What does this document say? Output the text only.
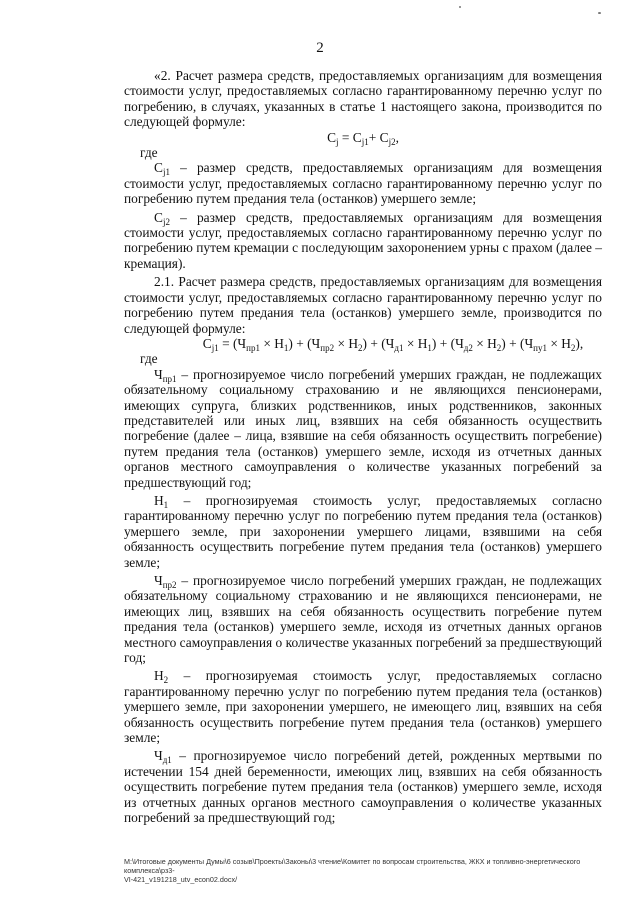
2

«2. Расчет размера средств, предоставляемых организациям для возмещения стоимости услуг, предоставляемых согласно гарантированному перечню услуг по погребению, в случаях, указанных в статье 1 настоящего закона, производится по следующей формуле:

$C_j = C_{j1}+ C_{j2}$,

где

$C_{j1}$ – размер средств, предоставляемых организациям для возмещения стоимости услуг, предоставляемых согласно гарантированному перечню услуг по погребению путем предания тела (останков) умершего земле;

$C_{j2}$ – размер средств, предоставляемых организациям для возмещения стоимости услуг, предоставляемых согласно гарантированному перечню услуг по погребению путем кремации с последующим захоронением урны с прахом (далее – кремация).

2.1. Расчет размера средств, предоставляемых организациям для возмещения стоимости услуг, предоставляемых согласно гарантированному перечню услуг по погребению путем предания тела (останков) умершего земле, производится по следующей формуле:

$C_{j1} = (Ч_{пр1} \times Н_1) + (Ч_{пр2} \times Н_2) + (Ч_{д1} \times Н_1) + (Ч_{д2} \times Н_2) + (Ч_{пу1} \times Н_2)$,

где

$Ч_{пр1}$ – прогнозируемое число погребений умерших граждан, не подлежащих обязательному социальному страхованию и не являющихся пенсионерами, имеющих супруга, близких родственников, иных родственников, законных представителей или иных лиц, взявших на себя обязанность осуществить погребение (далее – лица, взявшие на себя обязанность осуществить погребение) путем предания тела (останков) умершего земле, исходя из отчетных данных органов местного самоуправления о количестве указанных погребений за предшествующий год;

$Н_1$ – прогнозируемая стоимость услуг, предоставляемых согласно гарантированному перечню услуг по погребению путем предания тела (останков) умершего земле, при захоронении умершего лицами, взявшими на себя обязанность осуществить погребение путем предания тела (останков) умершего земле;

$Ч_{пр2}$ – прогнозируемое число погребений умерших граждан, не подлежащих обязательному социальному страхованию и не являющихся пенсионерами, не имеющих лиц, взявших на себя обязанность осуществить погребение путем предания тела (останков) умершего земле, исходя из отчетных данных органов местного самоуправления о количестве указанных погребений за предшествующий год;

$Н_2$ – прогнозируемая стоимость услуг, предоставляемых согласно гарантированному перечню услуг по погребению путем предания тела (останков) умершего земле, при захоронении умершего, не имеющего лиц, взявших на себя обязанность осуществить погребение путем предания тела (останков) умершего земле;

$Ч_{д1}$ – прогнозируемое число погребений детей, рожденных мертвыми по истечении 154 дней беременности, имеющих лиц, взявших на себя обязанность осуществить погребение путем предания тела (останков) умершего земле, исходя из отчетных данных органов местного самоуправления о количестве указанных погребений за предшествующий год;

M:\Итоговые документы Думы\6 созыв\Проекты\Законы\3 чтение\Комитет по вопросам строительства, ЖКХ и топливно-энергетического комплекса\рз3-
VI-421_v191218_utv_econ02.docx/
